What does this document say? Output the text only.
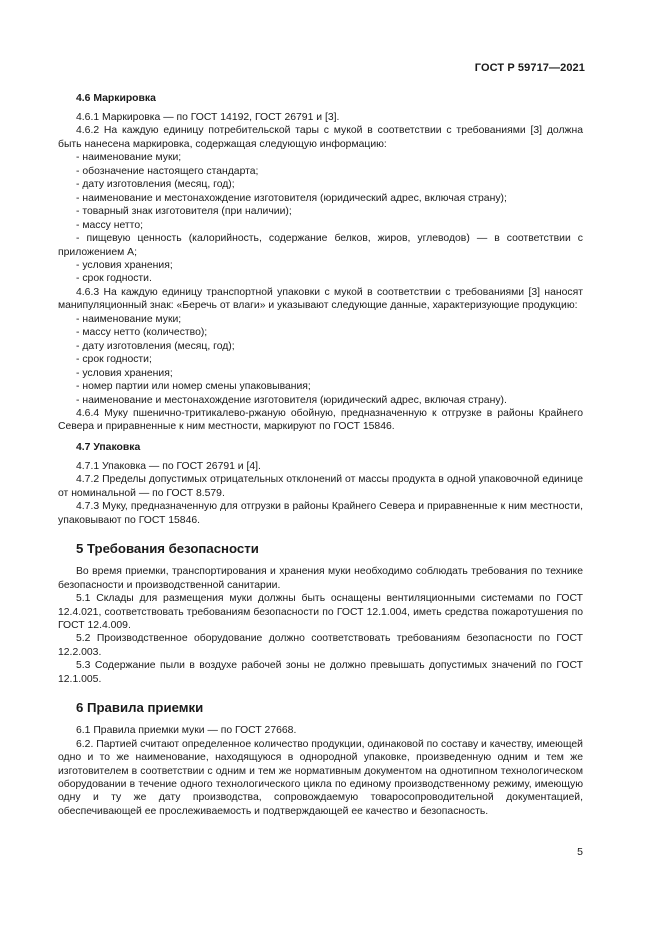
ГОСТ Р 59717—2021
4.6 Маркировка

4.6.1 Маркировка — по ГОСТ 14192, ГОСТ 26791 и [3].

4.6.2 На каждую единицу потребительской тары с мукой в соответствии с требованиями [3] должна быть нанесена маркировка, содержащая следующую информацию:

- наименование муки;

- обозначение настоящего стандарта;

- дату изготовления (месяц, год);

- наименование и местонахождение изготовителя (юридический адрес, включая страну);

- товарный знак изготовителя (при наличии);

- массу нетто;

- пищевую ценность (калорийность, содержание белков, жиров, углеводов) — в соответствии с приложением А;

- условия хранения;

- срок годности.

4.6.3 На каждую единицу транспортной упаковки с мукой в соответствии с требованиями [3] наносят манипуляционный знак: «Беречь от влаги» и указывают следующие данные, характеризующие продукцию:

- наименование муки;

- массу нетто (количество);

- дату изготовления (месяц, год);

- срок годности;

- условия хранения;

- номер партии или номер смены упаковывания;

- наименование и местонахождение изготовителя (юридический адрес, включая страну).

4.6.4 Муку пшенично-тритикалево-ржаную обойную, предназначенную к отгрузке в районы Крайнего Севера и приравненные к ним местности, маркируют по ГОСТ 15846.

4.7 Упаковка

4.7.1 Упаковка — по ГОСТ 26791 и [4].

4.7.2 Пределы допустимых отрицательных отклонений от массы продукта в одной упаковочной единице от номинальной — по ГОСТ 8.579.

4.7.3 Муку, предназначенную для отгрузки в районы Крайнего Севера и приравненные к ним местности, упаковывают по ГОСТ 15846.

5 Требования безопасности

Во время приемки, транспортирования и хранения муки необходимо соблюдать требования по технике безопасности и производственной санитарии.

5.1 Склады для размещения муки должны быть оснащены вентиляционными системами по ГОСТ 12.4.021, соответствовать требованиям безопасности по ГОСТ 12.1.004, иметь средства пожаротушения по ГОСТ 12.4.009.

5.2 Производственное оборудование должно соответствовать требованиям безопасности по ГОСТ 12.2.003.

5.3 Содержание пыли в воздухе рабочей зоны не должно превышать допустимых значений по ГОСТ 12.1.005.

6 Правила приемки

6.1 Правила приемки муки — по ГОСТ 27668.

6.2. Партией считают определенное количество продукции, одинаковой по составу и качеству, имеющей одно и то же наименование, находящуюся в однородной упаковке, произведенную одним и тем же изготовителем в соответствии с одним и тем же нормативным документом на однотипном технологическом оборудовании в течение одного технологического цикла по единому производственному режиму, имеющую одну и ту же дату производства, сопровождаемую товаросопроводительной документацией, обеспечивающей ее прослеживаемость и подтверждающей ее качество и безопасность.

5
